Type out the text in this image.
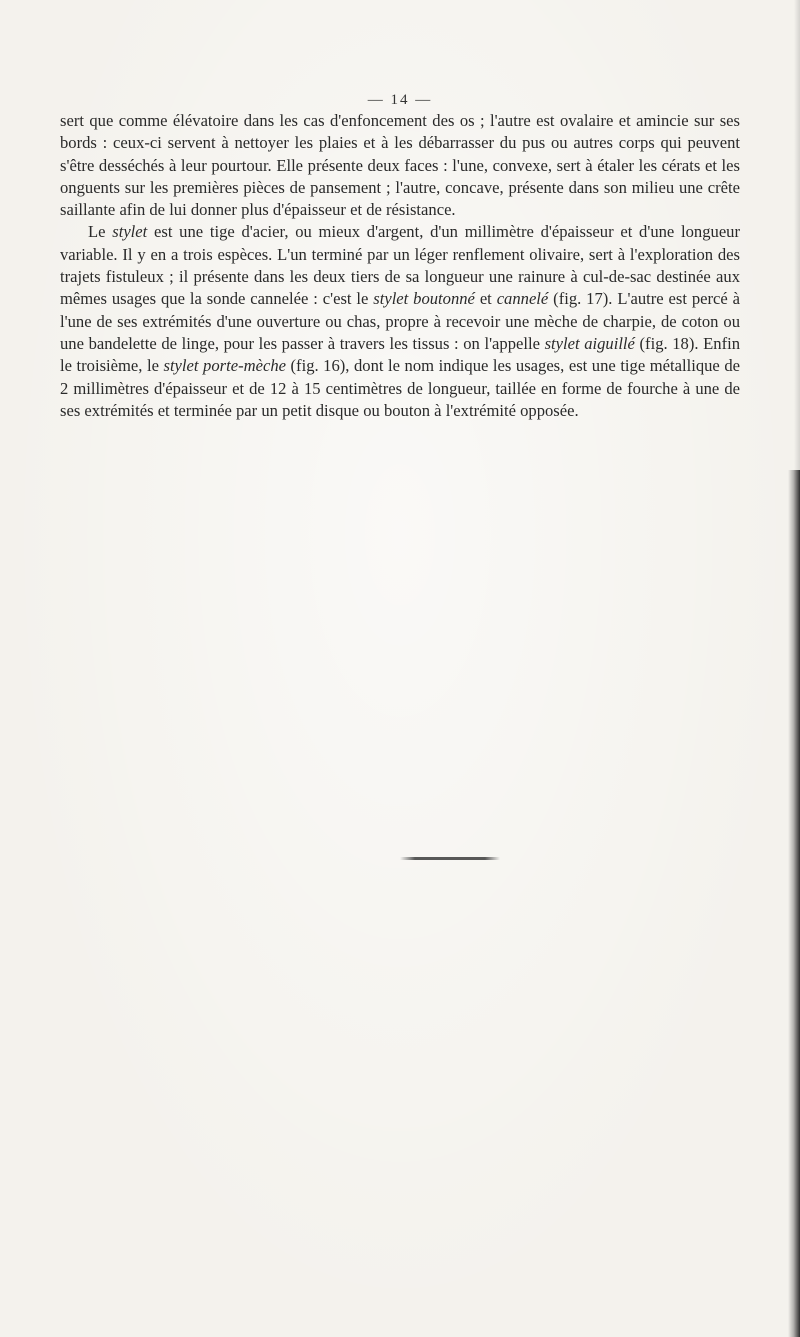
— 14 —

sert que comme élévatoire dans les cas d'enfoncement des os ; l'autre est ovalaire et amincie sur ses bords : ceux-ci servent à nettoyer les plaies et à les débarrasser du pus ou autres corps qui peuvent s'être desséchés à leur pourtour. Elle présente deux faces : l'une, convexe, sert à étaler les cérats et les onguents sur les premières pièces de pansement ; l'autre, concave, présente dans son milieu une crête saillante afin de lui donner plus d'épaisseur et de résistance.

Le stylet est une tige d'acier, ou mieux d'argent, d'un millimètre d'épaisseur et d'une longueur variable. Il y en a trois espèces. L'un terminé par un léger renflement olivaire, sert à l'exploration des trajets fistuleux ; il présente dans les deux tiers de sa longueur une rainure à cul-de-sac destinée aux mêmes usages que la sonde cannelée : c'est le stylet boutonné et cannelé (fig. 17). L'autre est percé à l'une de ses extrémités d'une ouverture ou chas, propre à recevoir une mèche de charpie, de coton ou une bandelette de linge, pour les passer à travers les tissus : on l'appelle stylet aiguillé (fig. 18). Enfin le troisième, le stylet porte-mèche (fig. 16), dont le nom indique les usages, est une tige métallique de 2 millimètres d'épaisseur et de 12 à 15 centimètres de longueur, taillée en forme de fourche à une de ses extrémités et terminée par un petit disque ou bouton à l'extrémité opposée.
